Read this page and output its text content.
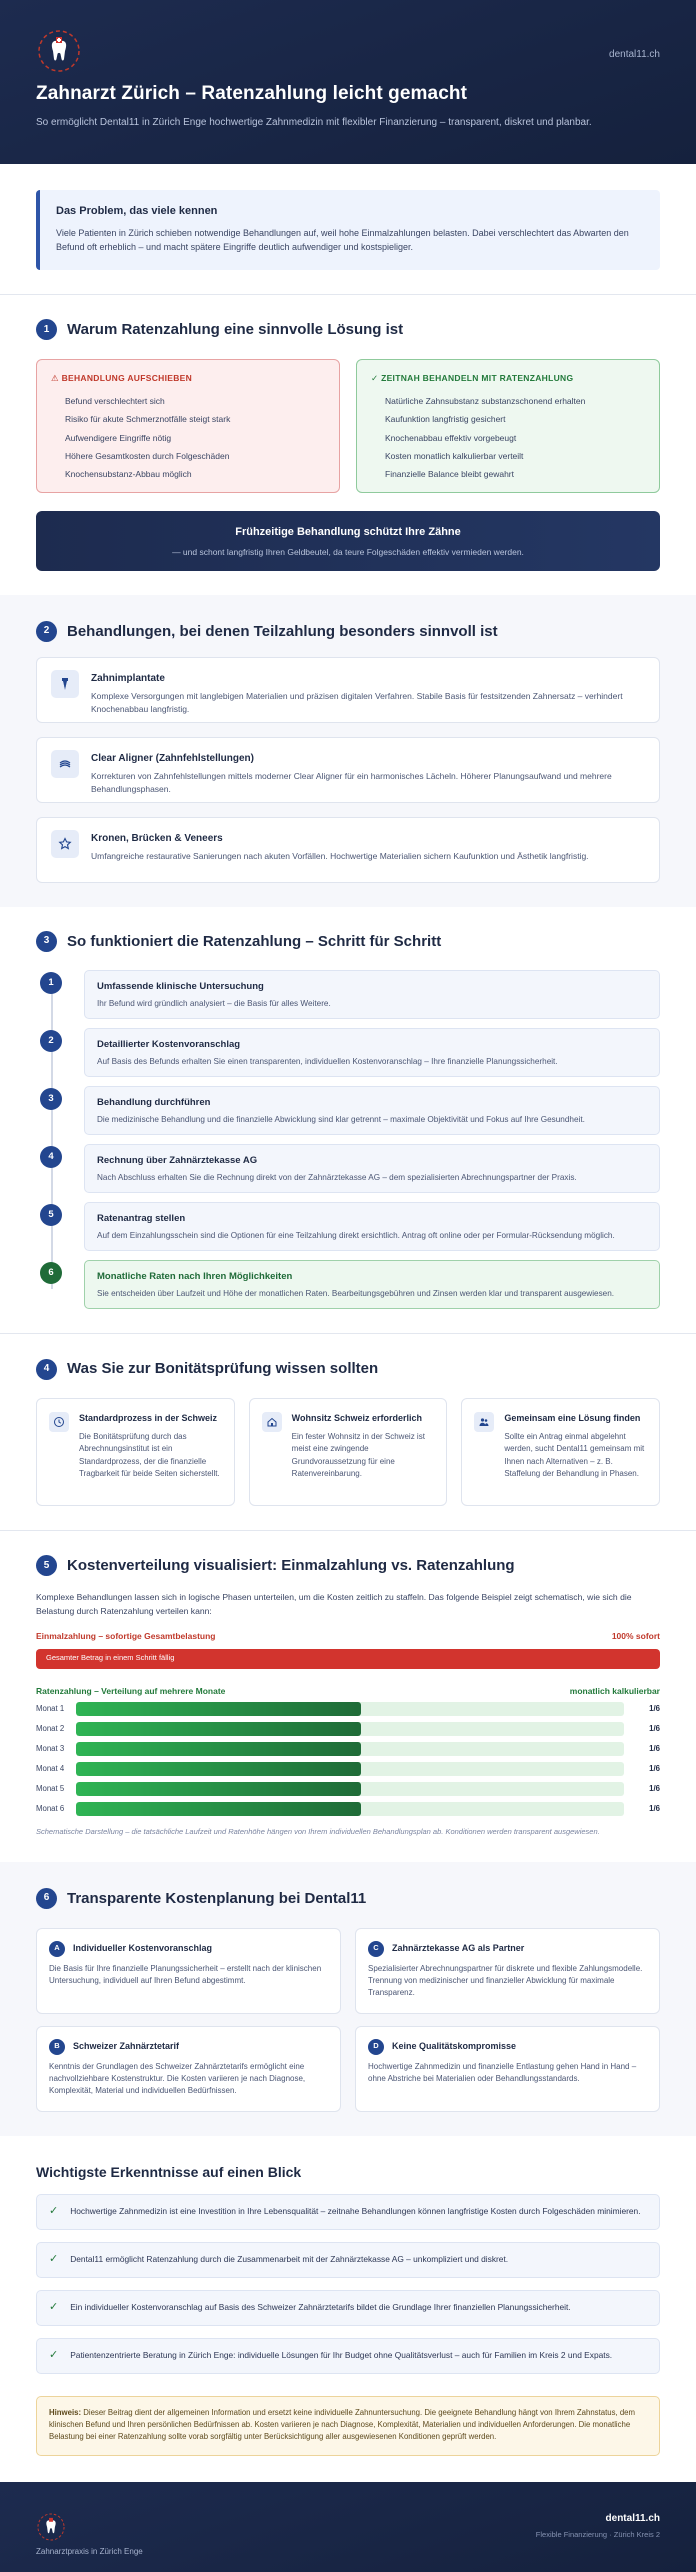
dental11.ch
Zahnarzt Zürich – Ratenzahlung leicht gemacht

So ermöglicht Dental11 in Zürich Enge hochwertige Zahnmedizin mit flexibler Finanzierung – transparent, diskret und planbar.

Das Problem, das viele kennen

Viele Patienten in Zürich schieben notwendige Behandlungen auf, weil hohe Einmalzahlungen belasten. Dabei verschlechtert das Abwarten den Befund oft erheblich – und macht spätere Eingriffe deutlich aufwendiger und kostspieliger.

1	Warum Ratenzahlung eine sinnvolle Lösung ist
⚠ BEHANDLUNG AUFSCHIEBEN
Befund verschlechtert sich
Risiko für akute Schmerznotfälle steigt stark
Aufwendigere Eingriffe nötig
Höhere Gesamtkosten durch Folgeschäden
Knochensubstanz-Abbau möglich
✓ ZEITNAH BEHANDELN MIT RATENZAHLUNG
Natürliche Zahnsubstanz substanzschonend erhalten
Kaufunktion langfristig gesichert
Knochenabbau effektiv vorgebeugt
Kosten monatlich kalkulierbar verteilt
Finanzielle Balance bleibt gewahrt
Frühzeitige Behandlung schützt Ihre Zähne

— und schont langfristig Ihren Geldbeutel, da teure Folgeschäden effektiv vermieden werden.

2	Behandlungen, bei denen Teilzahlung besonders sinnvoll ist
Zahnimplantate

Komplexe Versorgungen mit langlebigen Materialien und präzisen digitalen Verfahren. Stabile Basis für festsitzenden Zahnersatz – verhindert Knochenabbau langfristig.

Clear Aligner (Zahnfehlstellungen)

Korrekturen von Zahnfehlstellungen mittels moderner Clear Aligner für ein harmonisches Lächeln. Höherer Planungsaufwand und mehrere Behandlungsphasen.

Kronen, Brücken & Veneers

Umfangreiche restaurative Sanierungen nach akuten Vorfällen. Hochwertige Materialien sichern Kaufunktion und Ästhetik langfristig.

3	So funktioniert die Ratenzahlung – Schritt für Schritt
1	Umfassende klinische Untersuchung

Ihr Befund wird gründlich analysiert – die Basis für alles Weitere.

2	Detaillierter Kostenvoranschlag

Auf Basis des Befunds erhalten Sie einen transparenten, individuellen Kostenvoranschlag – Ihre finanzielle Planungssicherheit.

3	Behandlung durchführen

Die medizinische Behandlung und die finanzielle Abwicklung sind klar getrennt – maximale Objektivität und Fokus auf Ihre Gesundheit.

4	Rechnung über Zahnärztekasse AG

Nach Abschluss erhalten Sie die Rechnung direkt von der Zahnärztekasse AG – dem spezialisierten Abrechnungspartner der Praxis.

5	Ratenantrag stellen

Auf dem Einzahlungsschein sind die Optionen für eine Teilzahlung direkt ersichtlich. Antrag oft online oder per Formular-Rücksendung möglich.

6	Monatliche Raten nach Ihren Möglichkeiten

Sie entscheiden über Laufzeit und Höhe der monatlichen Raten. Bearbeitungsgebühren und Zinsen werden klar und transparent ausgewiesen.

4	Was Sie zur Bonitätsprüfung wissen sollten
Standardprozess in der Schweiz

Die Bonitätsprüfung durch das Abrechnungsinstitut ist ein Standardprozess, der die finanzielle Tragbarkeit für beide Seiten sicherstellt.

Wohnsitz Schweiz erforderlich

Ein fester Wohnsitz in der Schweiz ist meist eine zwingende Grundvoraussetzung für eine Ratenvereinbarung.

Gemeinsam eine Lösung finden

Sollte ein Antrag einmal abgelehnt werden, sucht Dental11 gemeinsam mit Ihnen nach Alternativen – z. B. Staffelung der Behandlung in Phasen.

5	Kostenverteilung visualisiert: Einmalzahlung vs. Ratenzahlung

Komplexe Behandlungen lassen sich in logische Phasen unterteilen, um die Kosten zeitlich zu staffeln. Das folgende Beispiel zeigt schematisch, wie sich die Belastung durch Ratenzahlung verteilen kann:

Einmalzahlung – sofortige Gesamtbelastung	100% sofort
Gesamter Betrag in einem Schritt fällig
Ratenzahlung – Verteilung auf mehrere Monate	monatlich kalkulierbar
Monat 1	1/6
Monat 2	1/6
Monat 3	1/6
Monat 4	1/6
Monat 5	1/6
Monat 6	1/6

Schematische Darstellung – die tatsächliche Laufzeit und Ratenhöhe hängen von Ihrem individuellen Behandlungsplan ab. Konditionen werden transparent ausgewiesen.

6	Transparente Kostenplanung bei Dental11
A	Individueller Kostenvoranschlag

Die Basis für Ihre finanzielle Planungssicherheit – erstellt nach der klinischen Untersuchung, individuell auf Ihren Befund abgestimmt.

B	Schweizer Zahnärztetarif

Kenntnis der Grundlagen des Schweizer Zahnärztetarifs ermöglicht eine nachvollziehbare Kostenstruktur. Die Kosten variieren je nach Diagnose, Komplexität, Material und individuellen Bedürfnissen.

C	Zahnärztekasse AG als Partner

Spezialisierter Abrechnungspartner für diskrete und flexible Zahlungsmodelle. Trennung von medizinischer und finanzieller Abwicklung für maximale Transparenz.

D	Keine Qualitätskompromisse

Hochwertige Zahnmedizin und finanzielle Entlastung gehen Hand in Hand – ohne Abstriche bei Materialien oder Behandlungsstandards.

Wichtigste Erkenntnisse auf einen Blick
✓ Hochwertige Zahnmedizin ist eine Investition in Ihre Lebensqualität – zeitnahe Behandlungen können langfristige Kosten durch Folgeschäden minimieren.

✓ Dental11 ermöglicht Ratenzahlung durch die Zusammenarbeit mit der Zahnärztekasse AG – unkompliziert und diskret.

✓ Ein individueller Kostenvoranschlag auf Basis des Schweizer Zahnärztetarifs bildet die Grundlage Ihrer finanziellen Planungssicherheit.

✓ Patientenzentrierte Beratung in Zürich Enge: individuelle Lösungen für Ihr Budget ohne Qualitätsverlust – auch für Familien im Kreis 2 und Expats.

Hinweis: Dieser Beitrag dient der allgemeinen Information und ersetzt keine individuelle Zahnuntersuchung. Die geeignete Behandlung hängt von Ihrem Zahnstatus, dem klinischen Befund und Ihren persönlichen Bedürfnissen ab. Kosten variieren je nach Diagnose, Komplexität, Materialien und individuellen Anforderungen. Die monatliche Belastung bei einer Ratenzahlung sollte vorab sorgfältig unter Berücksichtigung aller ausgewiesenen Konditionen geprüft werden.
Zahnarztpraxis in Zürich Enge
dental11.ch
Flexible Finanzierung · Zürich Kreis 2
